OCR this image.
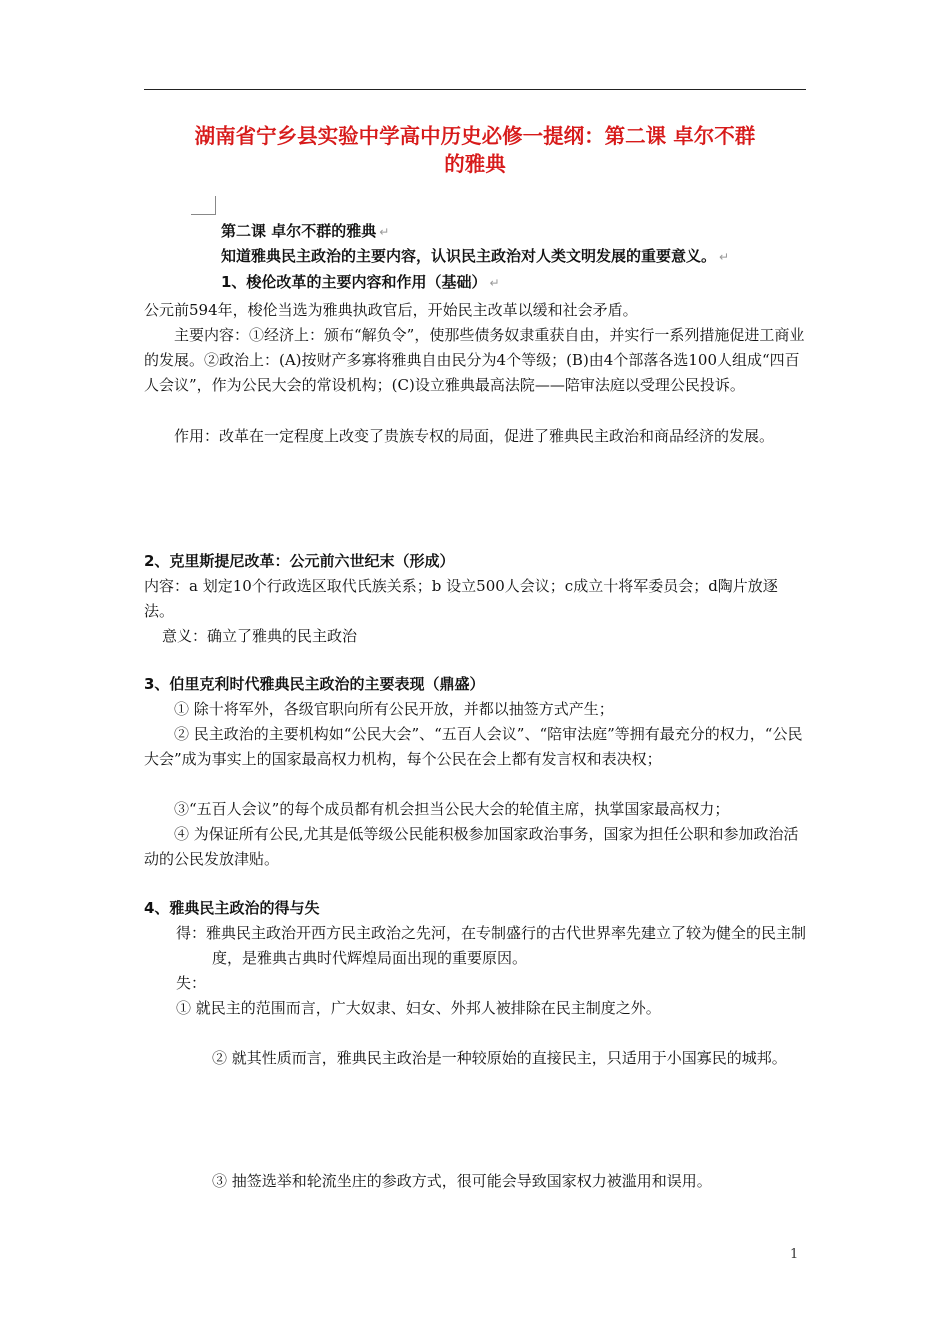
湖南省宁乡县实验中学高中历史必修一提纲：第二课 卓尔不群
的雅典
第二课 卓尔不群的雅典 ↵
知道雅典民主政治的主要内容，认识民主政治对人类文明发展的重要意义。 ↵
1、梭伦改革的主要内容和作用（基础） ↵
公元前594年，梭伦当选为雅典执政官后，开始民主改革以缓和社会矛盾。
主要内容：①经济上：颁布“解负令”，使那些债务奴隶重获自由，并实行一系列措施促进工商业的发展。②政治上：(A)按财产多寡将雅典自由民分为4个等级；(B)由4个部落各选100人组成“四百人会议”，作为公民大会的常设机构；(C)设立雅典最高法院——陪审法庭以受理公民投诉。
作用：改革在一定程度上改变了贵族专权的局面，促进了雅典民主政治和商品经济的发展。
2、克里斯提尼改革：公元前六世纪末（形成）
内容：a 划定10个行政选区取代氏族关系；b 设立500人会议；c成立十将军委员会；d陶片放逐法。
意义：确立了雅典的民主政治
3、伯里克利时代雅典民主政治的主要表现（鼎盛）
① 除十将军外，各级官职向所有公民开放，并都以抽签方式产生；
② 民主政治的主要机构如“公民大会”、“五百人会议”、“陪审法庭”等拥有最充分的权力，“公民大会”成为事实上的国家最高权力机构，每个公民在会上都有发言权和表决权；
③“五百人会议”的每个成员都有机会担当公民大会的轮值主席，执掌国家最高权力；
④ 为保证所有公民,尤其是低等级公民能积极参加国家政治事务，国家为担任公职和参加政治活动的公民发放津贴。
4、雅典民主政治的得与失
得：雅典民主政治开西方民主政治之先河，在专制盛行的古代世界率先建立了较为健全的民主制度，是雅典古典时代辉煌局面出现的重要原因。
失：
① 就民主的范围而言，广大奴隶、妇女、外邦人被排除在民主制度之外。
② 就其性质而言，雅典民主政治是一种较原始的直接民主，只适用于小国寡民的城邦。
③ 抽签选举和轮流坐庄的参政方式，很可能会导致国家权力被滥用和误用。
1
